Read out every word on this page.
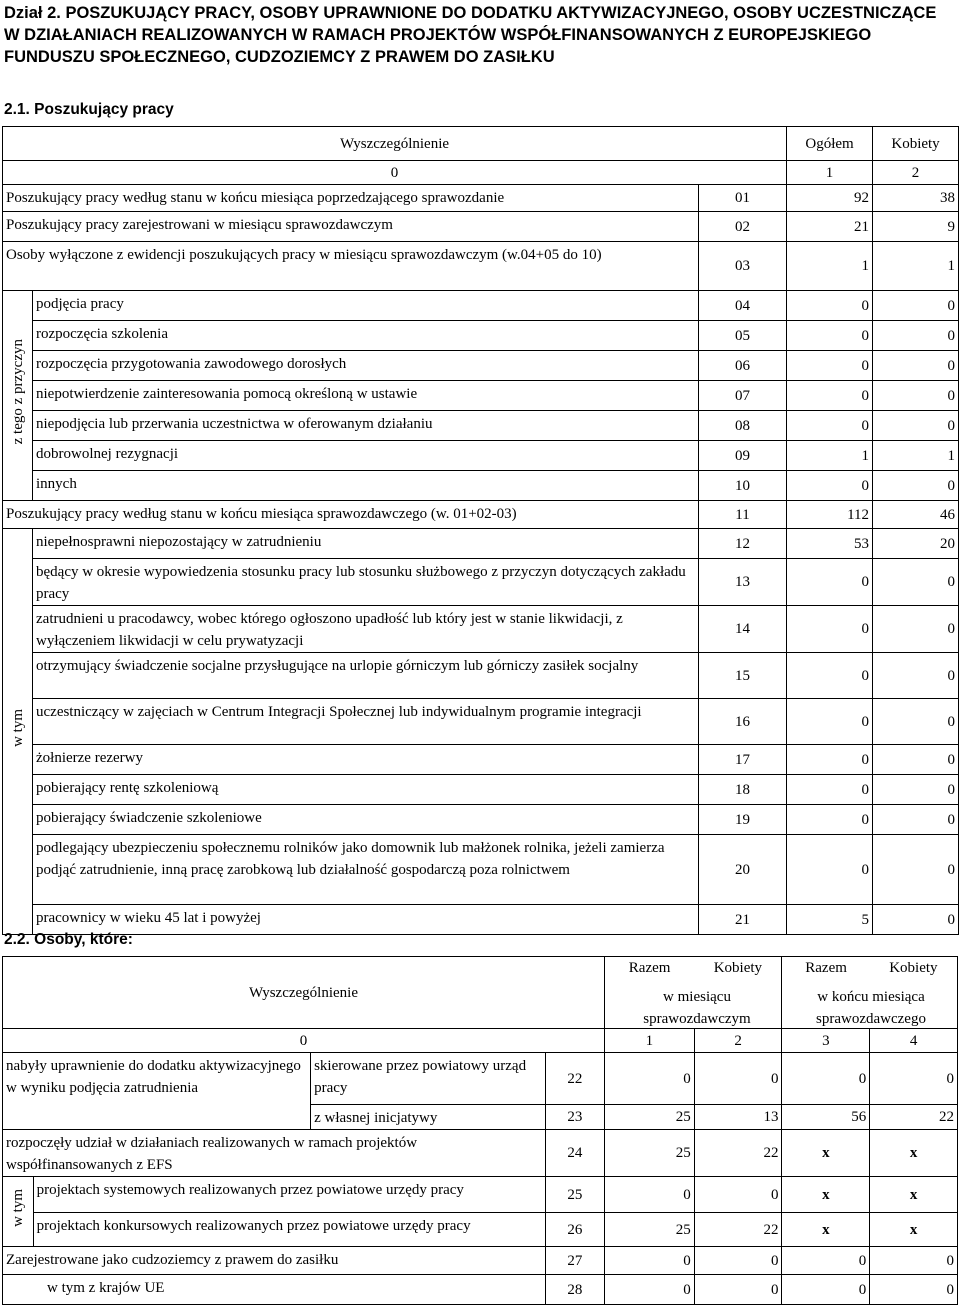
Dział 2. POSZUKUJĄCY PRACY, OSOBY UPRAWNIONE DO DODATKU AKTYWIZACYJNEGO, OSOBY UCZESTNICZĄCE W DZIAŁANIACH REALIZOWANYCH W RAMACH PROJEKTÓW WSPÓŁFINANSOWANYCH Z EUROPEJSKIEGO FUNDUSZU SPOŁECZNEGO, CUDZOZIEMCY Z PRAWEM DO ZASIŁKU
2.1. Poszukujący pracy
Wyszczególnienie			Ogółem	Kobiety
0			1	2
Poszukujący pracy według stanu w końcu miesiąca poprzedzającego sprawozdanie		01	92	38
Poszukujący pracy zarejestrowani w miesiącu sprawozdawczym		02	21	9
Osoby wyłączone z ewidencji poszukujących pracy w miesiącu sprawozdawczym (w.04+05 do 10)		03	1	1
z tego z przyczyn	podjęcia pracy	04	0	0
	rozpoczęcia szkolenia	05	0	0
	rozpoczęcia przygotowania zawodowego dorosłych	06	0	0
	niepotwierdzenie zainteresowania pomocą określoną w ustawie	07	0	0
	niepodjęcia lub przerwania uczestnictwa w oferowanym działaniu	08	0	0
	dobrowolnej rezygnacji	09	1	1
	innych	10	0	0
Poszukujący pracy według stanu w końcu miesiąca sprawozdawczego (w. 01+02-03)		11	112	46
w tym	niepełnosprawni niepozostający w zatrudnieniu	12	53	20
	będący w okresie wypowiedzenia stosunku pracy lub stosunku służbowego z przyczyn dotyczących zakładu pracy	13	0	0
	zatrudnieni u pracodawcy, wobec którego ogłoszono upadłość lub który jest w stanie likwidacji, z wyłączeniem likwidacji w celu prywatyzacji	14	0	0
	otrzymujący świadczenie socjalne przysługujące na urlopie górniczym lub górniczy zasiłek socjalny	15	0	0
	uczestniczący w zajęciach w Centrum Integracji Społecznej lub indywidualnym programie integracji	16	0	0
	żołnierze rezerwy	17	0	0
	pobierający rentę szkoleniową	18	0	0
	pobierający świadczenie szkoleniowe	19	0	0
	podlegający ubezpieczeniu społecznemu rolników jako domownik lub małżonek rolnika, jeżeli zamierza podjąć zatrudnienie, inną pracę zarobkową lub działalność gospodarczą poza rolnictwem	20	0	0
	pracownicy w wieku 45 lat i powyżej	21	5	0
2.2. Osoby, które:
Wyszczególnienie				Razem	Kobiety	Razem	Kobiety

0				1	2	3	4
nabyły uprawnienie do dodatku aktywizacyjnego w wyniku podjęcia zatrudnienia		skierowane przez powiatowy urząd pracy	22	0	0	0	0
		z własnej inicjatywy	23	25	13	56	22
rozpoczęły udział w działaniach realizowanych w ramach projektów współfinansowanych z EFS			24	25	22	x	x
w tym	projektach systemowych realizowanych przez powiatowe urzędy pracy		25	0	0	x	x
	projektach konkursowych realizowanych przez powiatowe urzędy pracy		26	25	22	x	x
Zarejestrowane jako cudzoziemcy z prawem do zasiłku			27	0	0	0	0
w tym z krajów UE			28	0	0	0	0
w miesiącu sprawozdawczym
w końcu miesiąca sprawozdawczego
